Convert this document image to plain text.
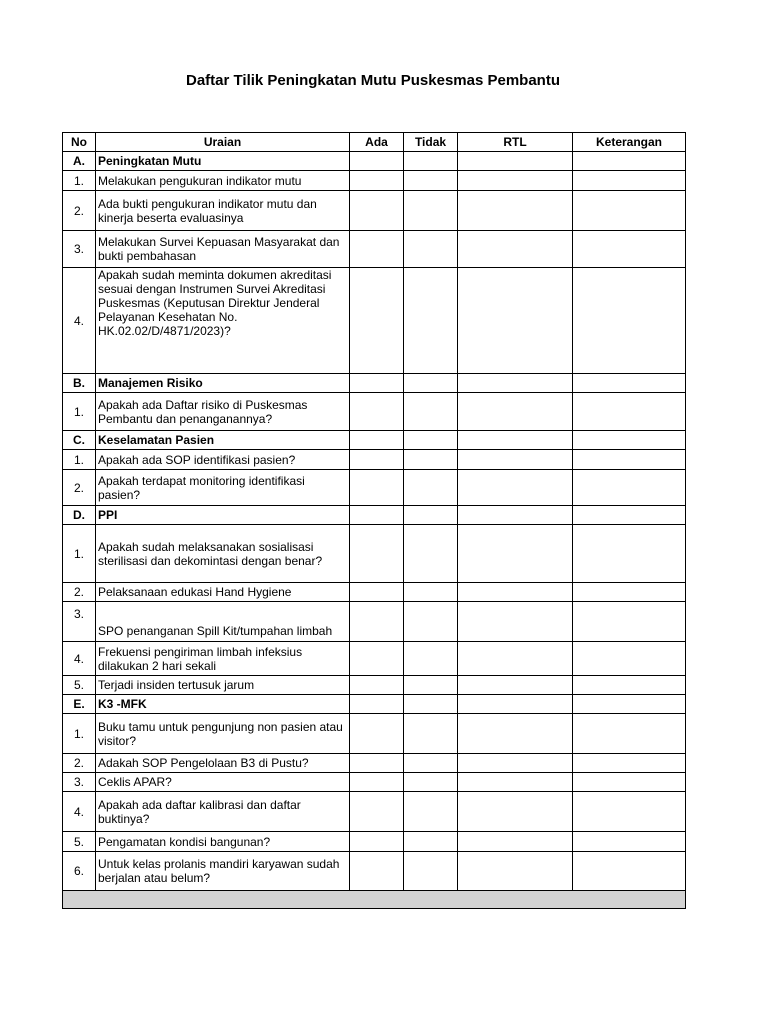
Daftar Tilik Peningkatan Mutu Puskesmas Pembantu
No	Uraian	Ada	Tidak	RTL	Keterangan
A.	Peningkatan Mutu				
1.	Melakukan pengukuran indikator mutu				
2.	Ada bukti pengukuran indikator mutu dan kinerja beserta evaluasinya				
3.	Melakukan Survei Kepuasan Masyarakat dan bukti pembahasan				
4.	Apakah sudah meminta dokumen akreditasi sesuai dengan Instrumen Survei Akreditasi Puskesmas (Keputusan Direktur Jenderal Pelayanan Kesehatan No. HK.02.02/D/4871/2023)?				
B.	Manajemen Risiko				
1.	Apakah ada Daftar risiko di Puskesmas Pembantu dan penanganannya?				
C.	Keselamatan Pasien				
1.	Apakah ada SOP identifikasi pasien?				
2.	Apakah terdapat monitoring identifikasi pasien?				
D.	PPI				
1.	Apakah sudah melaksanakan sosialisasi sterilisasi dan dekomintasi dengan benar?				
2.	Pelaksanaan edukasi Hand Hygiene				
3.	SPO penanganan Spill Kit/tumpahan limbah				
4.	Frekuensi pengiriman limbah infeksius dilakukan 2 hari sekali				
5.	Terjadi insiden tertusuk jarum				
E.	K3 -MFK				
1.	Buku tamu untuk pengunjung non pasien atau visitor?				
2.	Adakah SOP Pengelolaan B3 di Pustu?				
3.	Ceklis APAR?				
4.	Apakah ada daftar kalibrasi dan daftar buktinya?				
5.	Pengamatan kondisi bangunan?				
6.	Untuk kelas prolanis mandiri karyawan sudah berjalan atau belum?				
